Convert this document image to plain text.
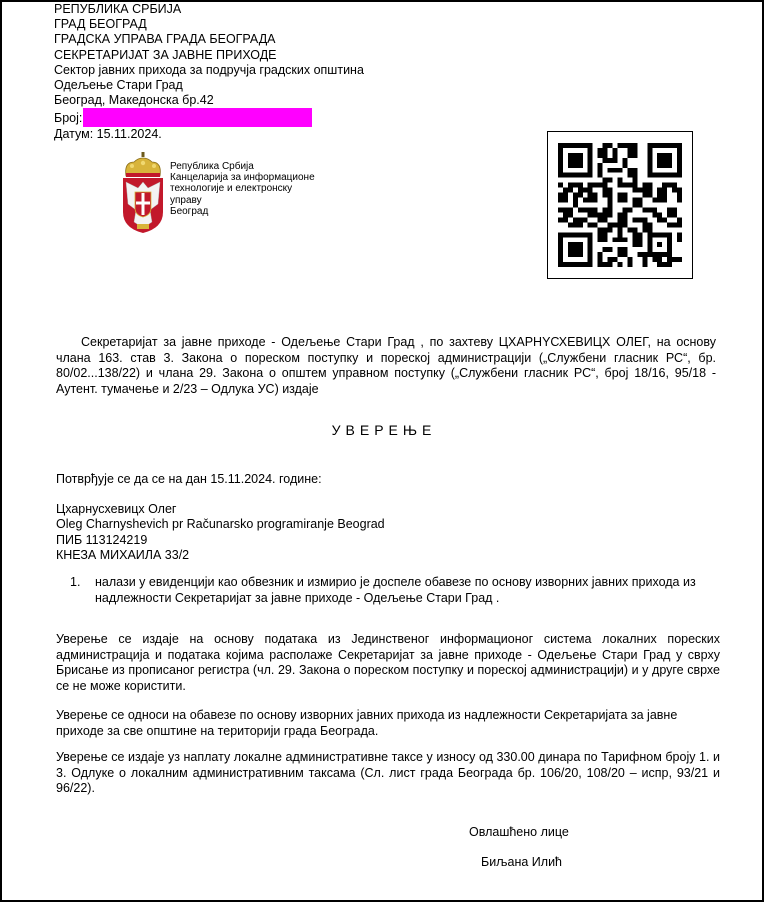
РЕПУБЛИКА СРБИЈА
ГРАД БЕОГРАД
ГРАДСКА УПРАВА ГРАДА БЕОГРАДА
СЕКРЕТАРИЈАТ ЗА ЈАВНЕ ПРИХОДЕ
Сектор јавних прихода за подручја градских општина
Одељење Стари Град
Београд, Македонска бр.42
Број:
Датум: 15.11.2024.
Република Србија
Канцеларија за информационе
технологије и електронску
управу
Београд
Секретаријат за јавне приходе - Одељење Стари Град , по захтеву ЦХАРНYСХЕВИЦХ ОЛЕГ, на основу члана 163. став 3. Закона о пореском поступку и пореској администрацији („Службени гласник РС“, бр. 80/02...138/22) и члана 29. Закона о општем управном поступку („Службени гласник РС“, број 18/16, 95/18 - Аутент. тумачење и 2/23 – Одлука УС) издаје
УВЕРЕЊЕ
Потврђује се да се на дан 15.11.2024. године:
Цхарнусхевицх Олег
Oleg Charnyshevich pr Računarsko programiranje Beograd
ПИБ 113124219
КНЕЗА МИХАИЛА 33/2
1. налази у евиденцији као обвезник и измирио је доспеле обавезе по основу изворних јавних прихода из надлежности Секретаријат за јавне приходе - Одељење Стари Град .
Уверење се издаје на основу података из Јединственог информационог система локалних пореских администрација и података којима располаже Секретаријат за јавне приходе - Одељење Стари Град у сврху Брисање из прописаног регистра (чл. 29. Закона о пореском поступку и пореској администрацији) и у друге сврхе се не може користити.
Уверење се односи на обавезе по основу изворних јавних прихода из надлежности Секретаријата за јавне приходе за све општине на територији града Београда.
Уверење се издаје уз наплату локалне административне таксе у износу од 330.00 динара по Тарифном броју 1. и 3. Одлуке о локалним административним таксама (Сл. лист града Београда бр. 106/20, 108/20 – испр, 93/21 и 96/22).
Овлашћено лице
Биљана Илић
